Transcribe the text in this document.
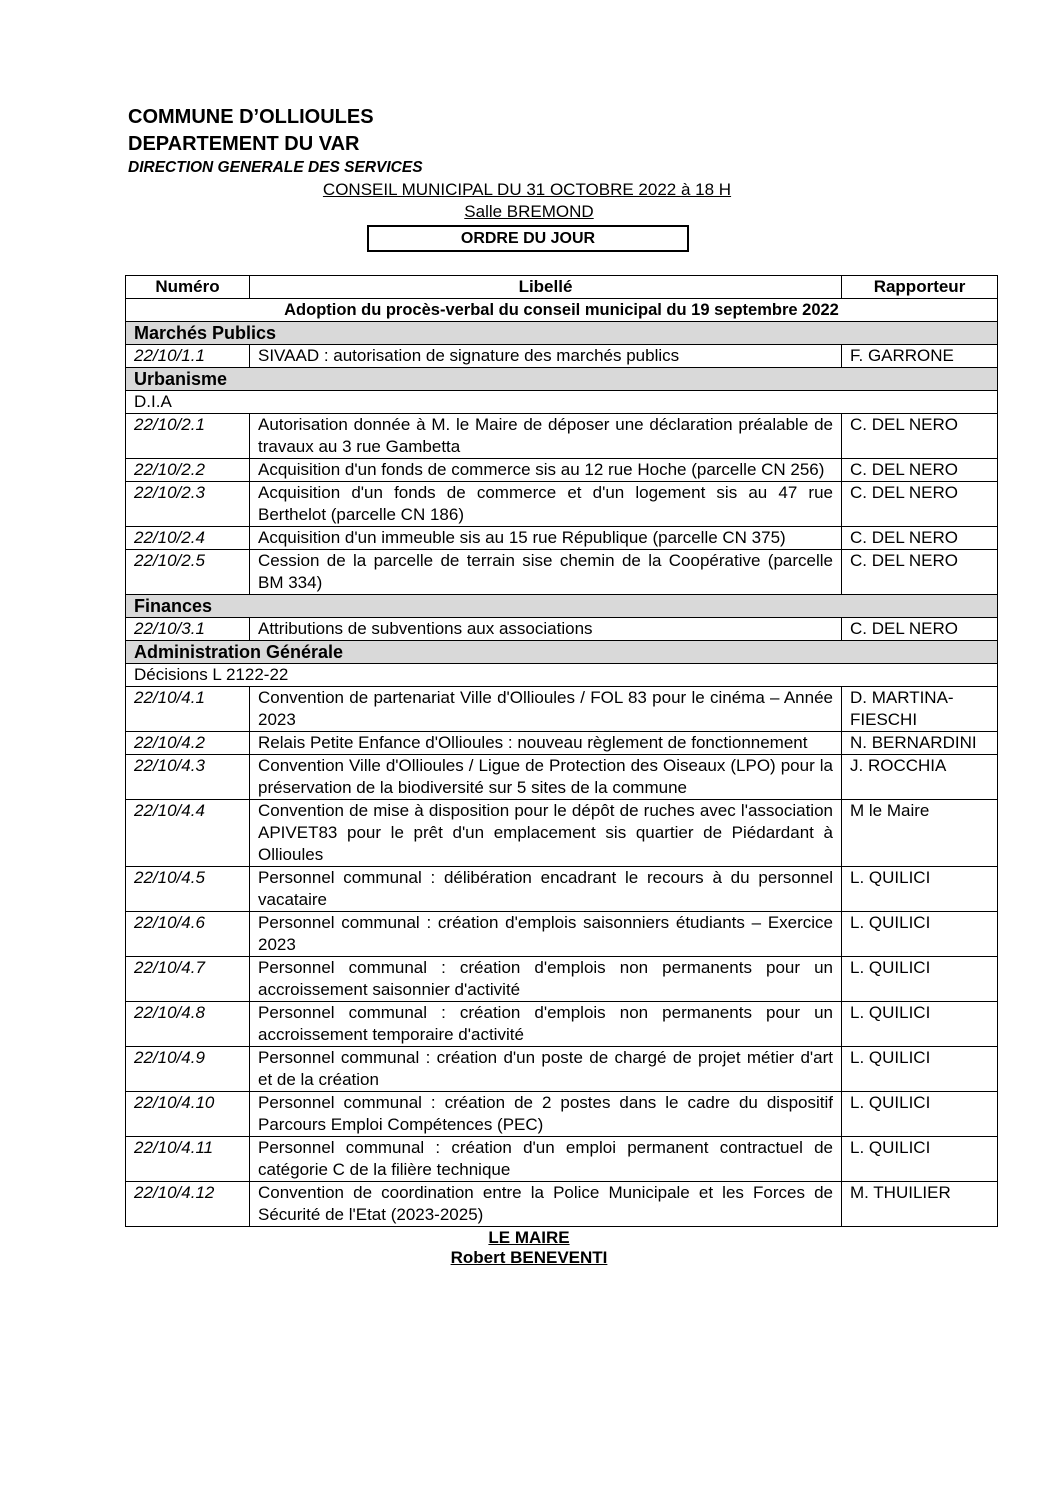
COMMUNE D’OLLIOULES
DEPARTEMENT DU VAR
DIRECTION GENERALE DES SERVICES
CONSEIL MUNICIPAL DU 31 OCTOBRE 2022 à 18 H
Salle BREMOND
ORDRE DU JOUR
Numéro	Libellé	Rapporteur
Adoption du procès-verbal du conseil municipal du 19 septembre 2022		
Marchés Publics		
22/10/1.1	SIVAAD : autorisation de signature des marchés publics	F. GARRONE
Urbanisme		
D.I.A		
22/10/2.1	Autorisation donnée à M. le Maire de déposer une déclaration préalable de travaux au 3 rue Gambetta	C. DEL NERO
22/10/2.2	Acquisition d'un fonds de commerce sis au 12 rue Hoche (parcelle CN 256)	C. DEL NERO
22/10/2.3	Acquisition d'un fonds de commerce et d'un logement sis au 47 rue Berthelot (parcelle CN 186)	C. DEL NERO
22/10/2.4	Acquisition d'un immeuble sis au 15 rue République (parcelle CN 375)	C. DEL NERO
22/10/2.5	Cession de la parcelle de terrain sise chemin de la Coopérative (parcelle BM 334)	C. DEL NERO
Finances		
22/10/3.1	Attributions de subventions aux associations	C. DEL NERO
Administration Générale		
Décisions L 2122-22		
22/10/4.1	Convention de partenariat Ville d'Ollioules / FOL 83 pour le cinéma – Année 2023	D. MARTINA-FIESCHI
22/10/4.2	Relais Petite Enfance d'Ollioules : nouveau règlement de fonctionnement	N. BERNARDINI
22/10/4.3	Convention Ville d'Ollioules / Ligue de Protection des Oiseaux (LPO) pour la préservation de la biodiversité sur 5 sites de la commune	J. ROCCHIA
22/10/4.4	Convention de mise à disposition pour le dépôt de ruches avec l'association APIVET83 pour le prêt d'un emplacement sis quartier de Piédardant à Ollioules	M le Maire
22/10/4.5	Personnel communal : délibération encadrant le recours à du personnel vacataire	L. QUILICI
22/10/4.6	Personnel communal : création d'emplois saisonniers étudiants – Exercice 2023	L. QUILICI
22/10/4.7	Personnel communal : création d'emplois non permanents pour un accroissement saisonnier d'activité	L. QUILICI
22/10/4.8	Personnel communal : création d'emplois non permanents pour un accroissement temporaire d'activité	L. QUILICI
22/10/4.9	Personnel communal : création d'un poste de chargé de projet métier d'art et de la création	L. QUILICI
22/10/4.10	Personnel communal : création de 2 postes dans le cadre du dispositif Parcours Emploi Compétences (PEC)	L. QUILICI
22/10/4.11	Personnel communal : création d'un emploi permanent contractuel de catégorie C de la filière technique	L. QUILICI
22/10/4.12	Convention de coordination entre la Police Municipale et les Forces de Sécurité de l'Etat (2023-2025)	M. THUILIER
LE MAIRE
Robert BENEVENTI
